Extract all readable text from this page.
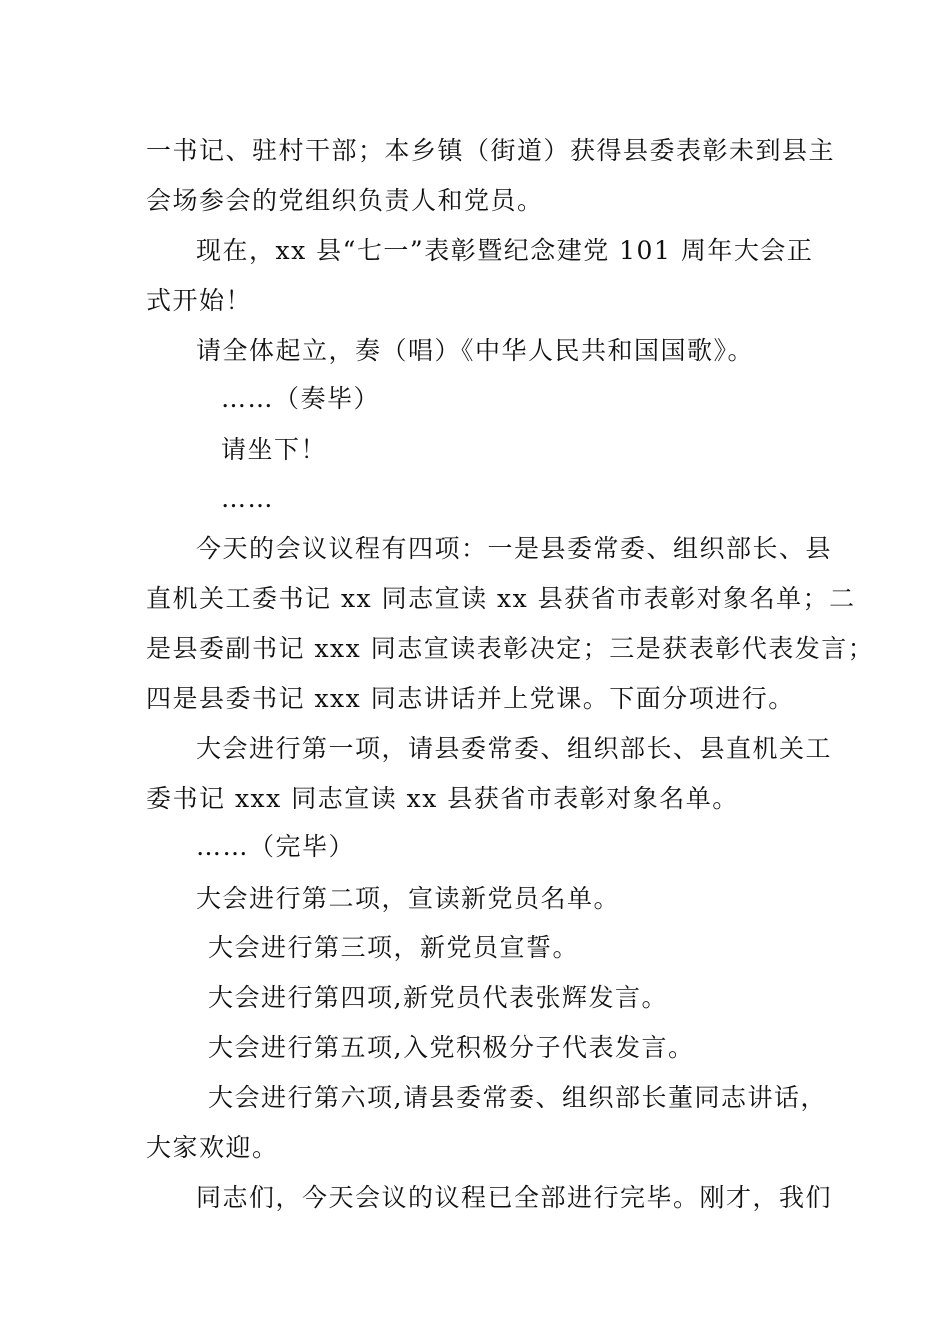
一书记、驻村干部；本乡镇（街道）获得县委表彰未到县主

会场参会的党组织负责人和党员。

现在，xx 县“七一”表彰暨纪念建党 101 周年大会正

式开始！

请全体起立，奏（唱）《中华人民共和国国歌》。

……（奏毕）

请坐下！

……

今天的会议议程有四项：一是县委常委、组织部长、县

直机关工委书记 xx 同志宣读 xx 县获省市表彰对象名单；二

是县委副书记 xxx 同志宣读表彰决定；三是获表彰代表发言；

四是县委书记 xxx 同志讲话并上党课。下面分项进行。

大会进行第一项，请县委常委、组织部长、县直机关工

委书记 xxx 同志宣读 xx 县获省市表彰对象名单。

……（完毕）

大会进行第二项，宣读新党员名单。

大会进行第三项，新党员宣誓。

大会进行第四项,新党员代表张辉发言。

大会进行第五项,入党积极分子代表发言。

大会进行第六项,请县委常委、组织部长董同志讲话，

大家欢迎。

同志们，今天会议的议程已全部进行完毕。刚才，我们
